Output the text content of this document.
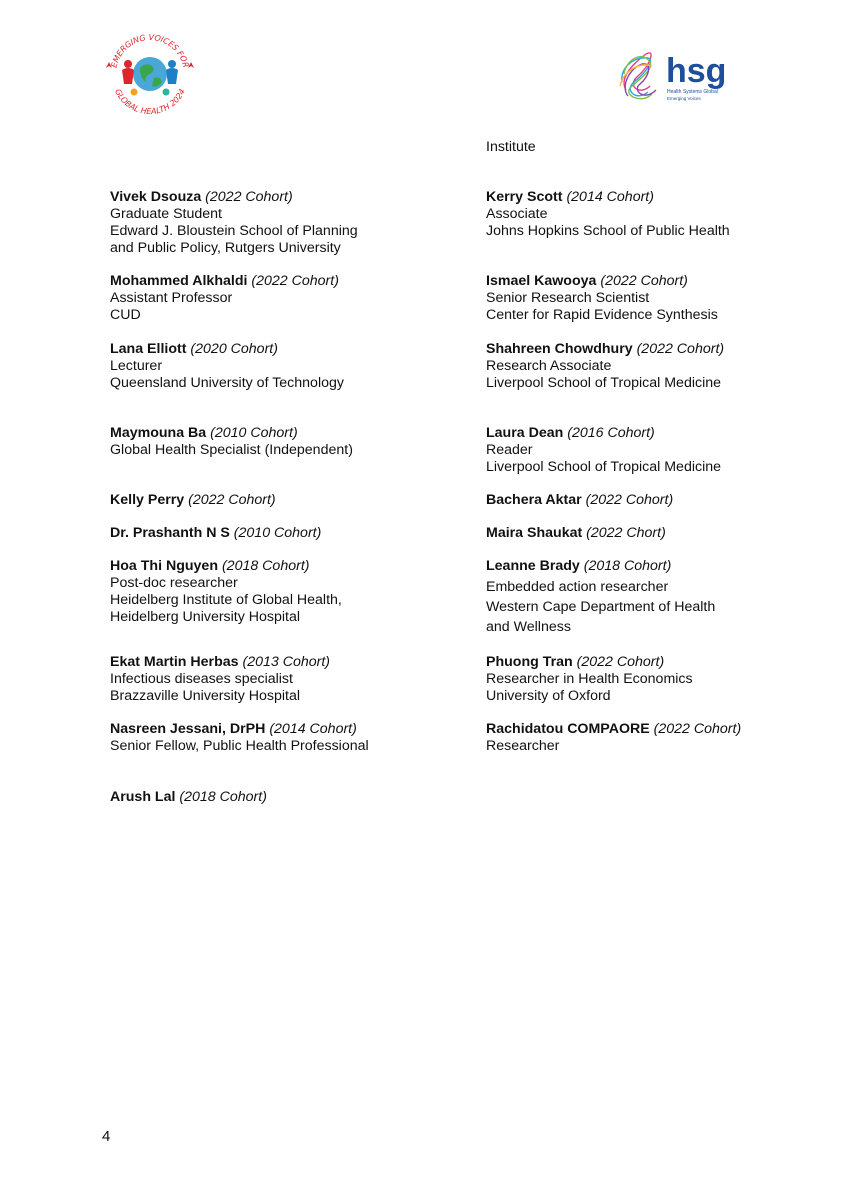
EMERGING VOICES FOR
GLOBAL HEALTH 2024
hsg
Health Systems Global
Emerging Voices
Institute
Vivek Dsouza (2022 Cohort)
Graduate Student
Edward J. Bloustein School of Planning
and Public Policy, Rutgers University
Mohammed Alkhaldi (2022 Cohort)
Assistant Professor
CUD
Lana Elliott (2020 Cohort)
Lecturer
Queensland University of Technology
Maymouna Ba (2010 Cohort)
Global Health Specialist (Independent)
Kelly Perry (2022 Cohort)
Dr. Prashanth N S (2010 Cohort)
Hoa Thi Nguyen (2018 Cohort)
Post-doc researcher
Heidelberg Institute of Global Health,
Heidelberg University Hospital
Ekat Martin Herbas (2013 Cohort)
Infectious diseases specialist
Brazzaville University Hospital
Nasreen Jessani, DrPH (2014 Cohort)
Senior Fellow, Public Health Professional
Arush Lal (2018 Cohort)
Kerry Scott (2014 Cohort)
Associate
Johns Hopkins School of Public Health
Ismael Kawooya (2022 Cohort)
Senior Research Scientist
Center for Rapid Evidence Synthesis
Shahreen Chowdhury (2022 Cohort)
Research Associate
Liverpool School of Tropical Medicine
Laura Dean (2016 Cohort)
Reader
Liverpool School of Tropical Medicine
Bachera Aktar (2022 Cohort)
Maira Shaukat (2022 Chort)
Leanne Brady (2018 Cohort)
Embedded action researcher
Western Cape Department of Health
and Wellness
Phuong Tran (2022 Cohort)
Researcher in Health Economics
University of Oxford
Rachidatou COMPAORE (2022 Cohort)
Researcher
4
